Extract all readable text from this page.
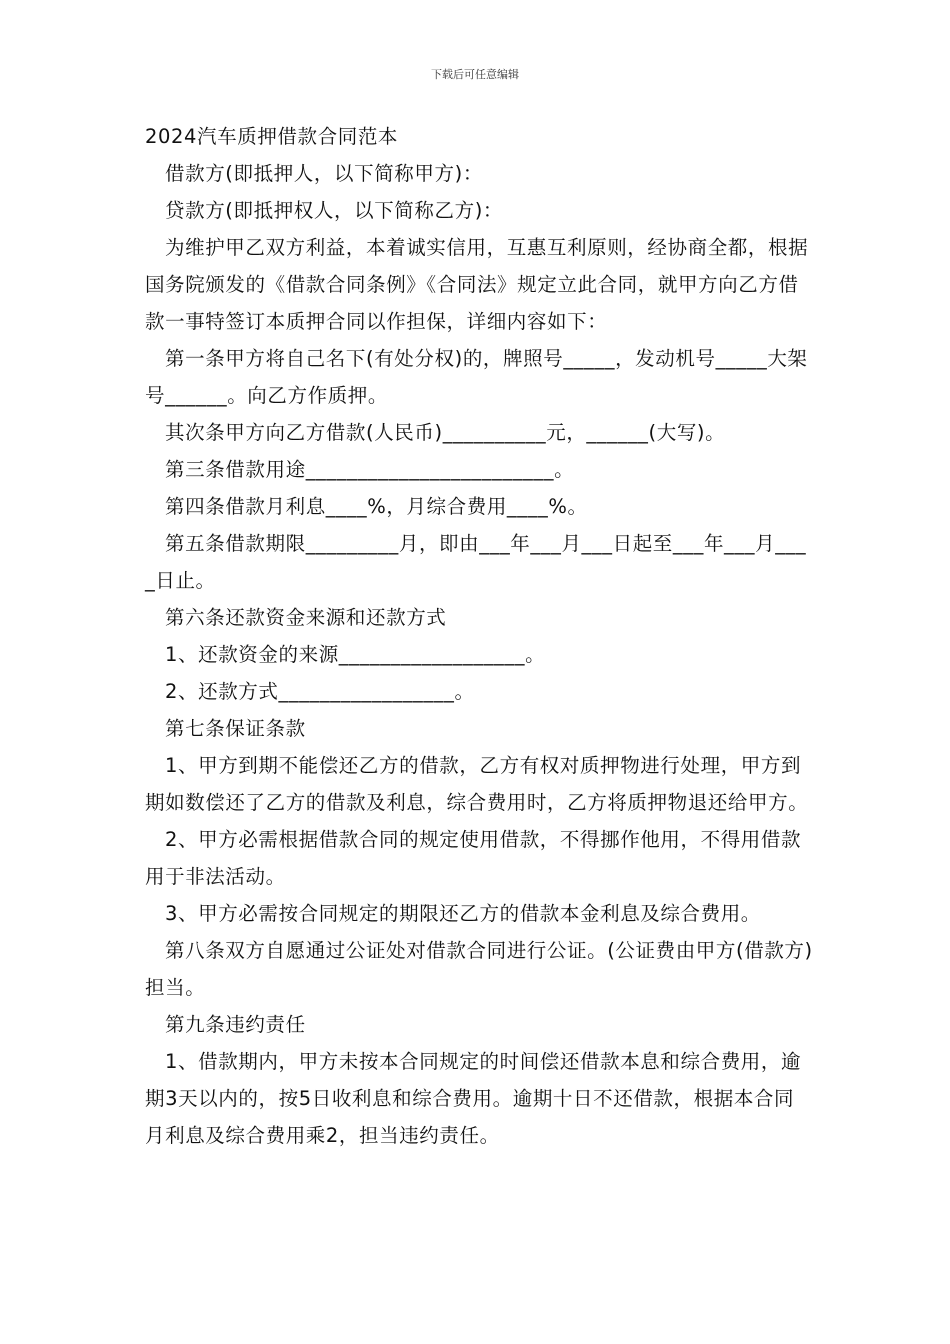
下载后可任意编辑

2024汽车质押借款合同范本

借款方(即抵押人，以下简称甲方)：

贷款方(即抵押权人，以下简称乙方)：

为维护甲乙双方利益，本着诚实信用，互惠互利原则，经协商全都，根据国务院颁发的《借款合同条例》《合同法》规定立此合同，就甲方向乙方借款一事特签订本质押合同以作担保，详细内容如下：

第一条甲方将自己名下(有处分权)的，牌照号_____，发动机号_____大架号______。向乙方作质押。

其次条甲方向乙方借款(人民币)__________元，______(大写)。

第三条借款用途________________________。

第四条借款月利息____%，月综合费用____%。

第五条借款期限_________月，即由___年___月___日起至___年___月____日止。

第六条还款资金来源和还款方式

1、还款资金的来源__________________。

2、还款方式_________________。

第七条保证条款

1、甲方到期不能偿还乙方的借款，乙方有权对质押物进行处理，甲方到期如数偿还了乙方的借款及利息，综合费用时，乙方将质押物退还给甲方。

2、甲方必需根据借款合同的规定使用借款，不得挪作他用，不得用借款用于非法活动。

3、甲方必需按合同规定的期限还乙方的借款本金利息及综合费用。

第八条双方自愿通过公证处对借款合同进行公证。(公证费由甲方(借款方)担当。

第九条违约责任

1、借款期内，甲方未按本合同规定的时间偿还借款本息和综合费用，逾期3天以内的，按5日收利息和综合费用。逾期十日不还借款，根据本合同月利息及综合费用乘2，担当违约责任。
